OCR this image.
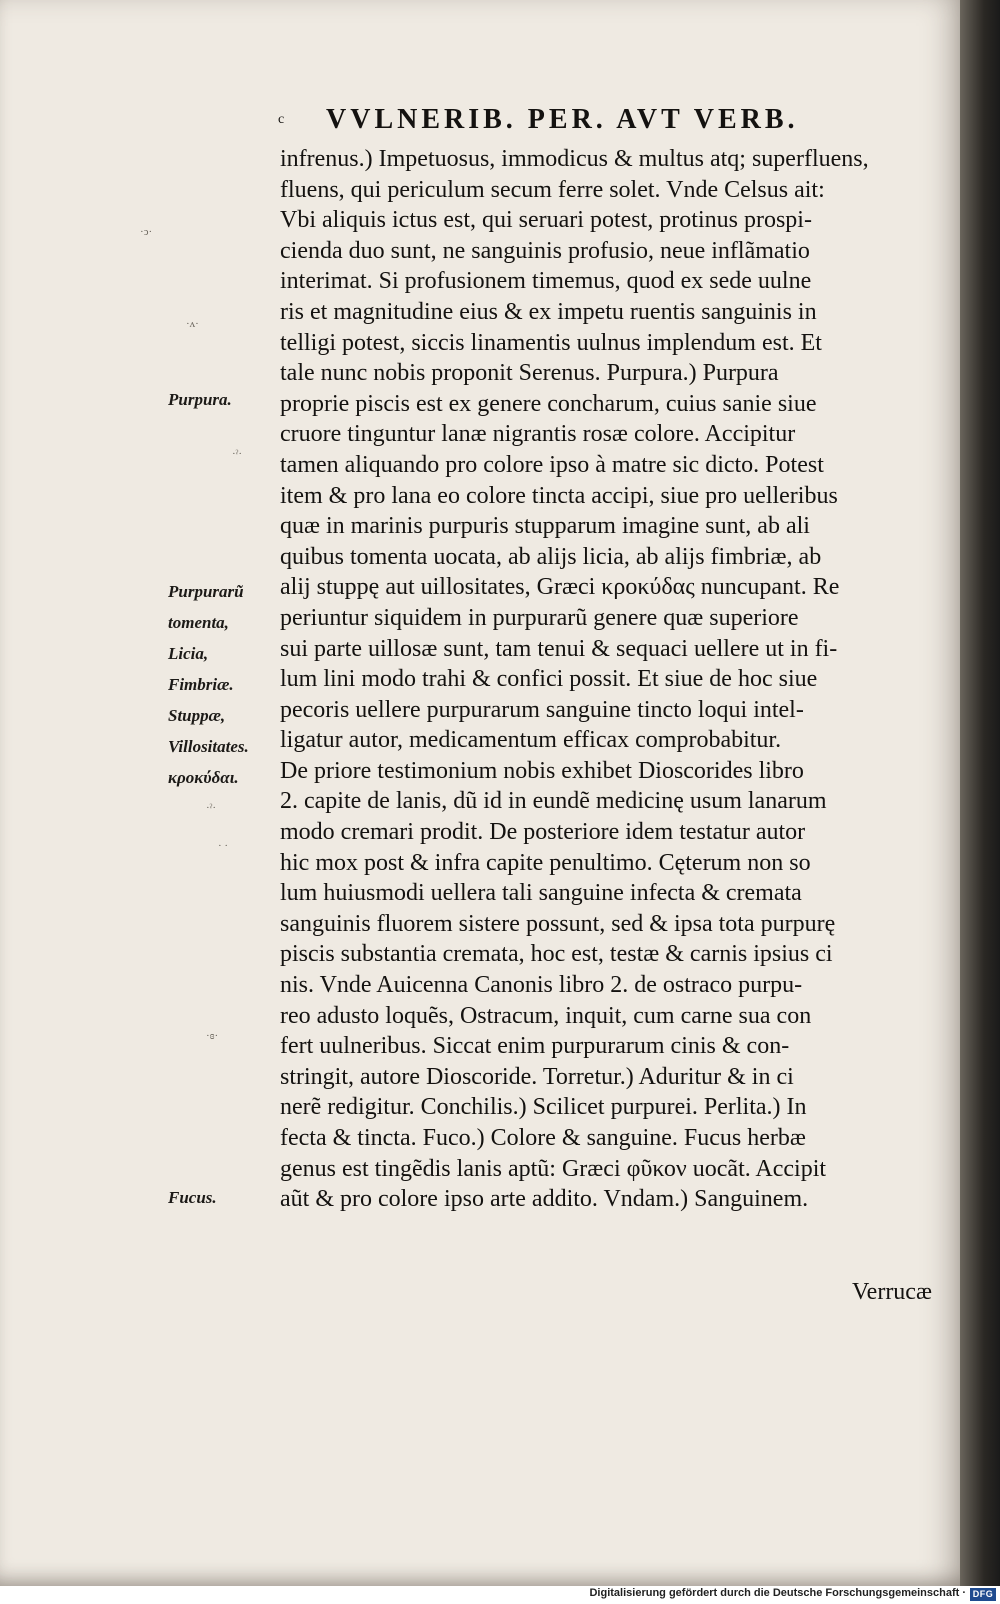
c VVLNERIB. PER. AVT VERB.
·ↄ·
·ᴧ·
Purpura.
·ˀ·
Purpurarũ
tomenta,
Licia,
Fimbriæ.
Stuppæ,
Villositates.
κροκύδαι.
·ˀ·
· ·
·ɞ·
Fucus.
infrenus.) Impetuosus, immodicus & multus atq; superfluens,
fluens, qui periculum secum ferre solet. Vnde Celsus ait:
Vbi aliquis ictus est, qui seruari potest, protinus prospi-
cienda duo sunt, ne sanguinis profusio, neue inflãmatio
interimat. Si profusionem timemus, quod ex sede uulne
ris et magnitudine eius & ex impetu ruentis sanguinis in
telligi potest, siccis linamentis uulnus implendum est. Et
tale nunc nobis proponit Serenus. Purpura.) Purpura
proprie piscis est ex genere concharum, cuius sanie siue
cruore tinguntur lanæ nigrantis rosæ colore. Accipitur
tamen aliquando pro colore ipso à matre sic dicto. Potest
item & pro lana eo colore tincta accipi, siue pro uelleribus
quæ in marinis purpuris stupparum imagine sunt, ab ali
quibus tomenta uocata, ab alijs licia, ab alijs fimbriæ, ab
alij stuppę aut uillositates, Græci κροκύδας nuncupant. Re
periuntur siquidem in purpurarũ genere quæ superiore
sui parte uillosæ sunt, tam tenui & sequaci uellere ut in fi-
lum lini modo trahi & confici possit. Et siue de hoc siue
pecoris uellere purpurarum sanguine tincto loqui intel-
ligatur autor, medicamentum efficax comprobabitur.
De priore testimonium nobis exhibet Dioscorides libro
2. capite de lanis, dũ id in eundẽ medicinę usum lanarum
modo cremari prodit. De posteriore idem testatur autor
hic mox post & infra capite penultimo. Cęterum non so
lum huiusmodi uellera tali sanguine infecta & cremata
sanguinis fluorem sistere possunt, sed & ipsa tota purpurę
piscis substantia cremata, hoc est, testæ & carnis ipsius ci
nis. Vnde Auicenna Canonis libro 2. de ostraco purpu-
reo adusto loquẽs, Ostracum, inquit, cum carne sua con
fert uulneribus. Siccat enim purpurarum cinis & con-
stringit, autore Dioscoride. Torretur.) Aduritur & in ci
nerẽ redigitur. Conchilis.) Scilicet purpurei. Perlita.) In
fecta & tincta. Fuco.) Colore & sanguine. Fucus herbæ
genus est tingẽdis lanis aptũ: Græci φῦκον uocãt. Accipit
aũt & pro colore ipso arte addito. Vndam.) Sanguinem.
Verrucæ
Digitalisierung gefördert durch die Deutsche Forschungsgemeinschaft · DFG
